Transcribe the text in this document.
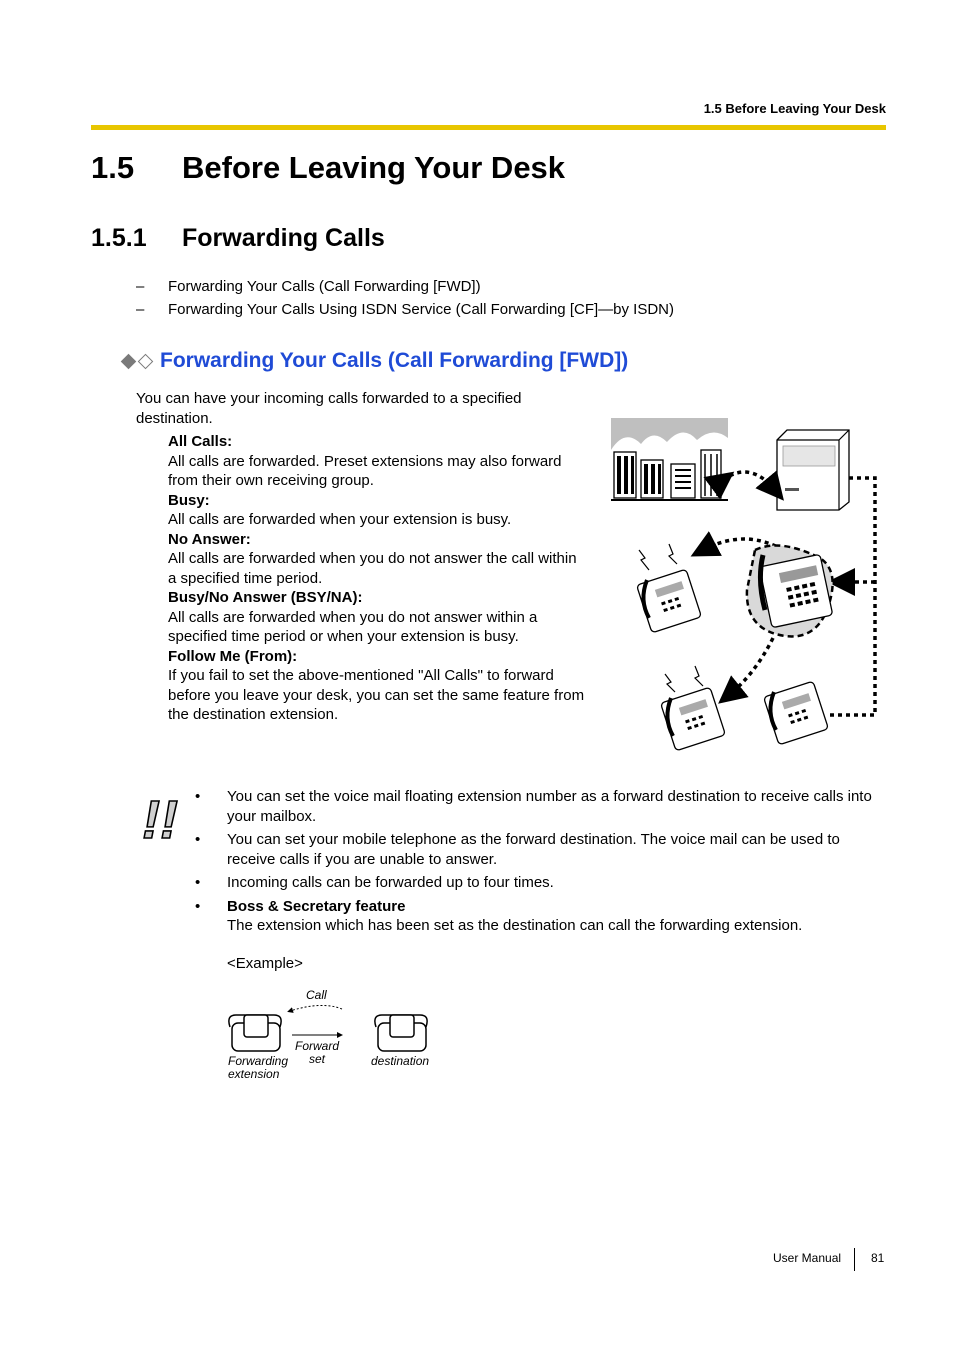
1.5 Before Leaving Your Desk
1.5	Before Leaving Your Desk
1.5.1	Forwarding Calls
–	Forwarding Your Calls (Call Forwarding [FWD])
–	Forwarding Your Calls Using ISDN Service (Call Forwarding [CF]—by ISDN)
Forwarding Your Calls (Call Forwarding [FWD])
You can have your incoming calls forwarded to a specified destination.
All Calls:
All calls are forwarded. Preset extensions may also forward from their own receiving group.
Busy:
All calls are forwarded when your extension is busy.
No Answer:
All calls are forwarded when you do not answer the call within a specified time period.
Busy/No Answer (BSY/NA):
All calls are forwarded when you do not answer within a specified time period or when your extension is busy.
Follow Me (From):
If you fail to set the above-mentioned "All Calls" to forward before you leave your desk, you can set the same feature from the destination extension.
!! •	You can set the voice mail floating extension number as a forward destination to receive calls into your mailbox.
•	You can set your mobile telephone as the forward destination. The voice mail can be used to receive calls if you are unable to answer.
•	Incoming calls can be forwarded up to four times.
•	Boss & Secretary feature
The extension which has been set as the destination can call the forwarding extension.
<Example>
Call
Forward
set
Forwarding
extension
destination
User Manual 81
